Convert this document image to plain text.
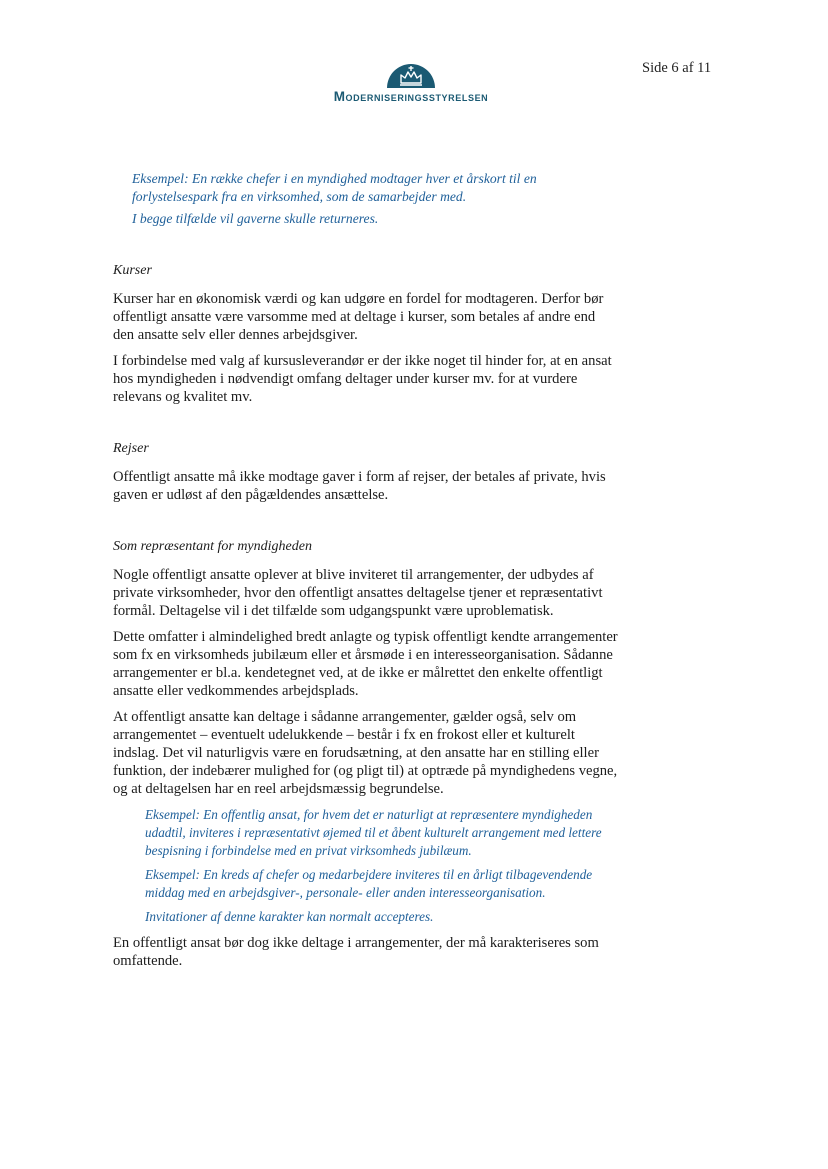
Side 6 af 11
Moderniseringsstyrelsen

Eksempel: En række chefer i en myndighed modtager hver et årskort til en forlystelsespark fra en virksomhed, som de samarbejder med.

I begge tilfælde vil gaverne skulle returneres.

Kurser

Kurser har en økonomisk værdi og kan udgøre en fordel for modtageren. Derfor bør offentligt ansatte være varsomme med at deltage i kurser, som betales af andre end den ansatte selv eller dennes arbejdsgiver.

I forbindelse med valg af kursusleverandør er der ikke noget til hinder for, at en ansat hos myndigheden i nødvendigt omfang deltager under kurser mv. for at vurdere relevans og kvalitet mv.

Rejser

Offentligt ansatte må ikke modtage gaver i form af rejser, der betales af private, hvis gaven er udløst af den pågældendes ansættelse.

Som repræsentant for myndigheden

Nogle offentligt ansatte oplever at blive inviteret til arrangementer, der udbydes af private virksomheder, hvor den offentligt ansattes deltagelse tjener et repræsentativt formål. Deltagelse vil i det tilfælde som udgangspunkt være uproblematisk.

Dette omfatter i almindelighed bredt anlagte og typisk offentligt kendte arrangementer som fx en virksomheds jubilæum eller et årsmøde i en interesseorganisation. Sådanne arrangementer er bl.a. kendetegnet ved, at de ikke er målrettet den enkelte offentligt ansatte eller vedkommendes arbejdsplads.

At offentligt ansatte kan deltage i sådanne arrangementer, gælder også, selv om arrangementet – eventuelt udelukkende – består i fx en frokost eller et kulturelt indslag. Det vil naturligvis være en forudsætning, at den ansatte har en stilling eller funktion, der indebærer mulighed for (og pligt til) at optræde på myndighedens vegne, og at deltagelsen har en reel arbejdsmæssig begrundelse.

Eksempel: En offentlig ansat, for hvem det er naturligt at repræsentere myndigheden udadtil, inviteres i repræsentativt øjemed til et åbent kulturelt arrangement med lettere bespisning i forbindelse med en privat virksomheds jubilæum.

Eksempel: En kreds af chefer og medarbejdere inviteres til en årligt tilbagevendende middag med en arbejdsgiver-, personale- eller anden interesseorganisation.

Invitationer af denne karakter kan normalt accepteres.

En offentligt ansat bør dog ikke deltage i arrangementer, der må karakteriseres som omfattende.
